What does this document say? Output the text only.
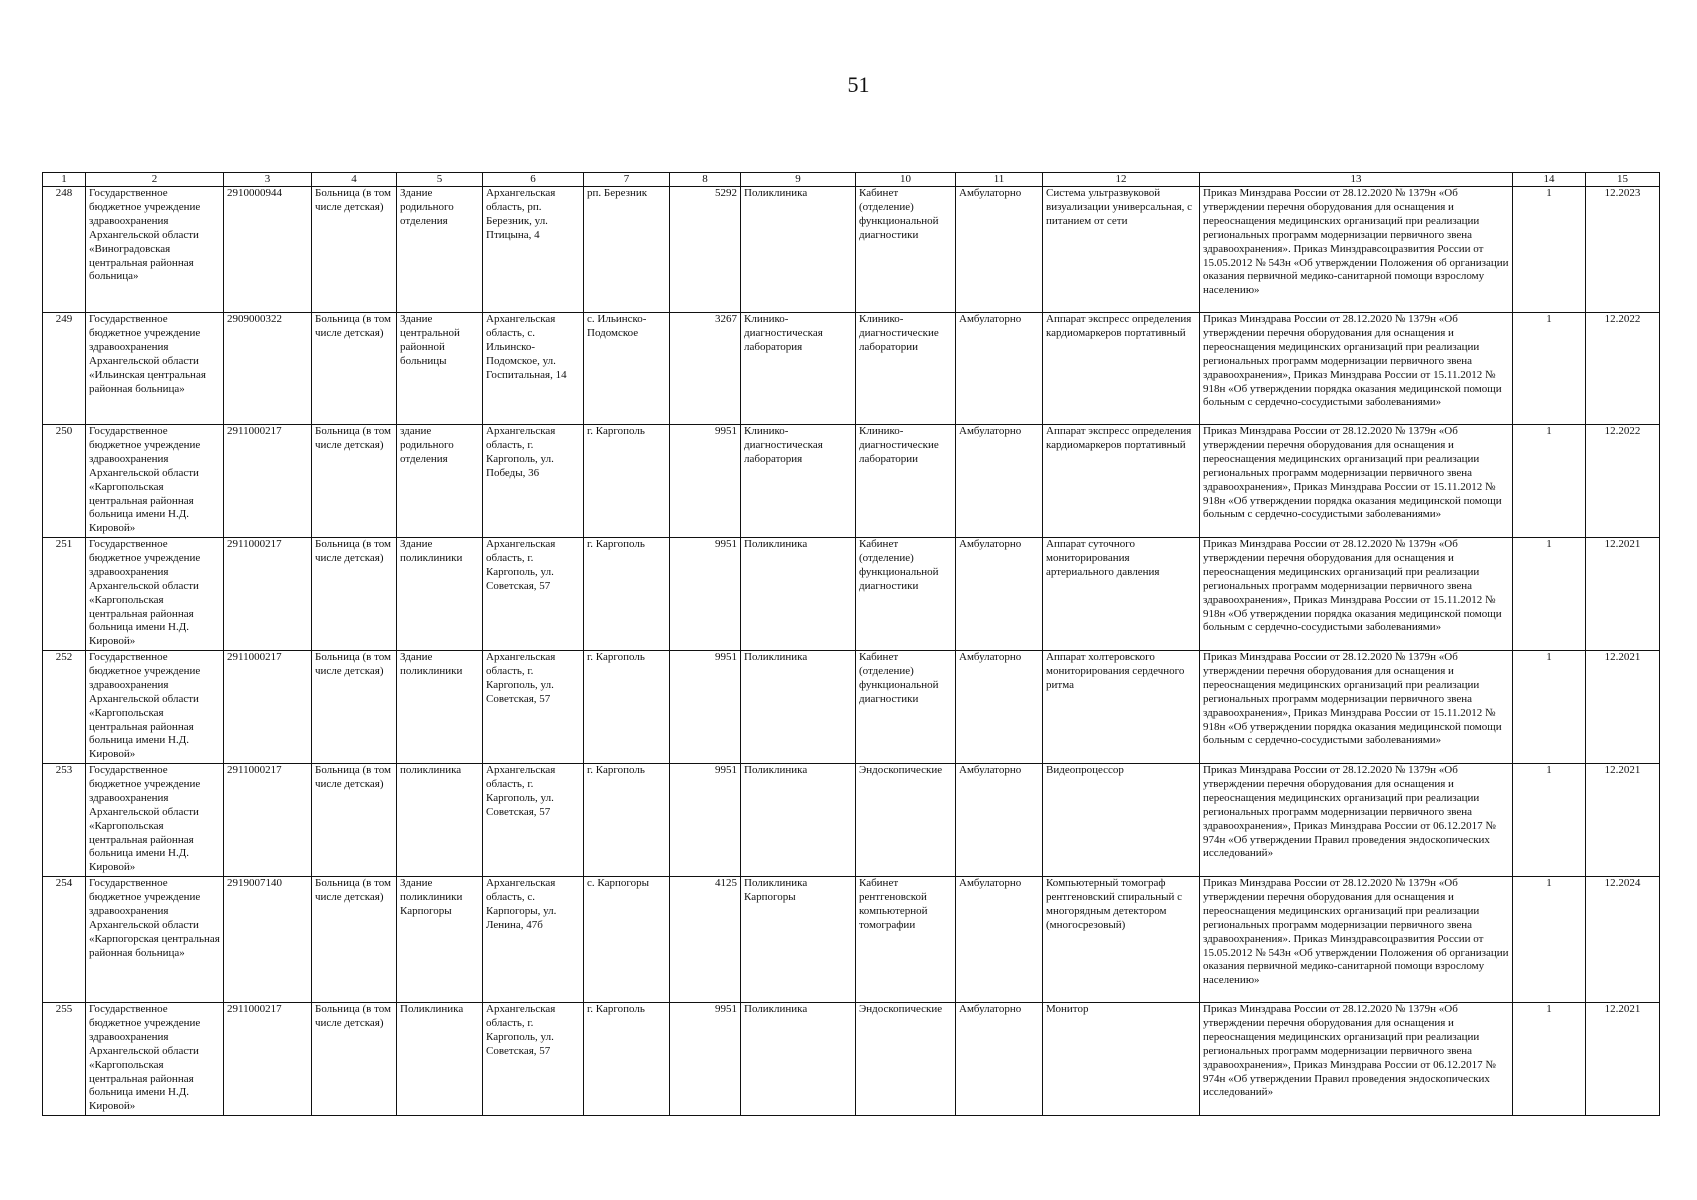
51
1	2	3	4	5	6	7	8	9	10	11	12	13	14	15
248	Государственное бюджетное учреждение здравоохранения Архангельской области «Виноградовская центральная районная больница»	2910000944	Больница (в том числе детская)	Здание родильного отделения	Архангельская область, рп. Березник, ул. Птицына, 4	рп. Березник	5292	Поликлиника	Кабинет (отделение) функциональной диагностики	Амбулаторно	Система ультразвуковой визуализации универсальная, с питанием от сети	Приказ Минздрава России от 28.12.2020 № 1379н «Об утверждении перечня оборудования для оснащения и переоснащения медицинских организаций при реализации региональных программ модернизации первичного звена здравоохранения». Приказ Минздравсоцразвития России от 15.05.2012 № 543н «Об утверждении Положения об организации оказания первичной медико-санитарной помощи взрослому населению»	1	12.2023
249	Государственное бюджетное учреждение здравоохранения Архангельской области «Ильинская центральная районная больница»	2909000322	Больница (в том числе детская)	Здание центральной районной больницы	Архангельская область, с. Ильинско-Подомское, ул. Госпитальная, 14	с. Ильинско-Подомское	3267	Клинико-диагностическая лаборатория	Клинико-диагностические лаборатории	Амбулаторно	Аппарат экспресс определения кардиомаркеров портативный	Приказ Минздрава России от 28.12.2020 № 1379н «Об утверждении перечня оборудования для оснащения и переоснащения медицинских организаций при реализации региональных программ модернизации первичного звена здравоохранения», Приказ Минздрава России от 15.11.2012 № 918н «Об утверждении порядка оказания медицинской помощи больным с сердечно-сосудистыми заболеваниями»	1	12.2022
250	Государственное бюджетное учреждение здравоохранения Архангельской области «Каргопольская центральная районная больница имени Н.Д. Кировой»	2911000217	Больница (в том числе детская)	здание родильного отделения	Архангельская область, г. Каргополь, ул. Победы, 36	г. Каргополь	9951	Клинико-диагностическая лаборатория	Клинико-диагностические лаборатории	Амбулаторно	Аппарат экспресс определения кардиомаркеров портативный	Приказ Минздрава России от 28.12.2020 № 1379н «Об утверждении перечня оборудования для оснащения и переоснащения медицинских организаций при реализации региональных программ модернизации первичного звена здравоохранения», Приказ Минздрава России от 15.11.2012 № 918н «Об утверждении порядка оказания медицинской помощи больным с сердечно-сосудистыми заболеваниями»	1	12.2022
251	Государственное бюджетное учреждение здравоохранения Архангельской области «Каргопольская центральная районная больница имени Н.Д. Кировой»	2911000217	Больница (в том числе детская)	Здание поликлиники	Архангельская область, г. Каргополь, ул. Советская, 57	г. Каргополь	9951	Поликлиника	Кабинет (отделение) функциональной диагностики	Амбулаторно	Аппарат суточного мониторирования артериального давления	Приказ Минздрава России от 28.12.2020 № 1379н «Об утверждении перечня оборудования для оснащения и переоснащения медицинских организаций при реализации региональных программ модернизации первичного звена здравоохранения», Приказ Минздрава России от 15.11.2012 № 918н «Об утверждении порядка оказания медицинской помощи больным с сердечно-сосудистыми заболеваниями»	1	12.2021
252	Государственное бюджетное учреждение здравоохранения Архангельской области «Каргопольская центральная районная больница имени Н.Д. Кировой»	2911000217	Больница (в том числе детская)	Здание поликлиники	Архангельская область, г. Каргополь, ул. Советская, 57	г. Каргополь	9951	Поликлиника	Кабинет (отделение) функциональной диагностики	Амбулаторно	Аппарат холтеровского мониторирования сердечного ритма	Приказ Минздрава России от 28.12.2020 № 1379н «Об утверждении перечня оборудования для оснащения и переоснащения медицинских организаций при реализации региональных программ модернизации первичного звена здравоохранения», Приказ Минздрава России от 15.11.2012 № 918н «Об утверждении порядка оказания медицинской помощи больным с сердечно-сосудистыми заболеваниями»	1	12.2021
253	Государственное бюджетное учреждение здравоохранения Архангельской области «Каргопольская центральная районная больница имени Н.Д. Кировой»	2911000217	Больница (в том числе детская)	поликлиника	Архангельская область, г. Каргополь, ул. Советская, 57	г. Каргополь	9951	Поликлиника	Эндоскопические	Амбулаторно	Видеопроцессор	Приказ Минздрава России от 28.12.2020 № 1379н «Об утверждении перечня оборудования для оснащения и переоснащения медицинских организаций при реализации региональных программ модернизации первичного звена здравоохранения», Приказ Минздрава России от 06.12.2017 № 974н «Об утверждении Правил проведения эндоскопических исследований»	1	12.2021
254	Государственное бюджетное учреждение здравоохранения Архангельской области «Карпогорская центральная районная больница»	2919007140	Больница (в том числе детская)	Здание поликлиники Карпогоры	Архангельская область, с. Карпогоры, ул. Ленина, 47б	с. Карпогоры	4125	Поликлиника Карпогоры	Кабинет рентгеновской компьютерной томографии	Амбулаторно	Компьютерный томограф рентгеновский спиральный с многорядным детектором (многосрезовый)	Приказ Минздрава России от 28.12.2020 № 1379н «Об утверждении перечня оборудования для оснащения и переоснащения медицинских организаций при реализации региональных программ модернизации первичного звена здравоохранения». Приказ Минздравсоцразвития России от 15.05.2012 № 543н «Об утверждении Положения об организации оказания первичной медико-санитарной помощи взрослому населению»	1	12.2024
255	Государственное бюджетное учреждение здравоохранения Архангельской области «Каргопольская центральная районная больница имени Н.Д. Кировой»	2911000217	Больница (в том числе детская)	Поликлиника	Архангельская область, г. Каргополь, ул. Советская, 57	г. Каргополь	9951	Поликлиника	Эндоскопические	Амбулаторно	Монитор	Приказ Минздрава России от 28.12.2020 № 1379н «Об утверждении перечня оборудования для оснащения и переоснащения медицинских организаций при реализации региональных программ модернизации первичного звена здравоохранения», Приказ Минздрава России от 06.12.2017 № 974н «Об утверждении Правил проведения эндоскопических исследований»	1	12.2021
